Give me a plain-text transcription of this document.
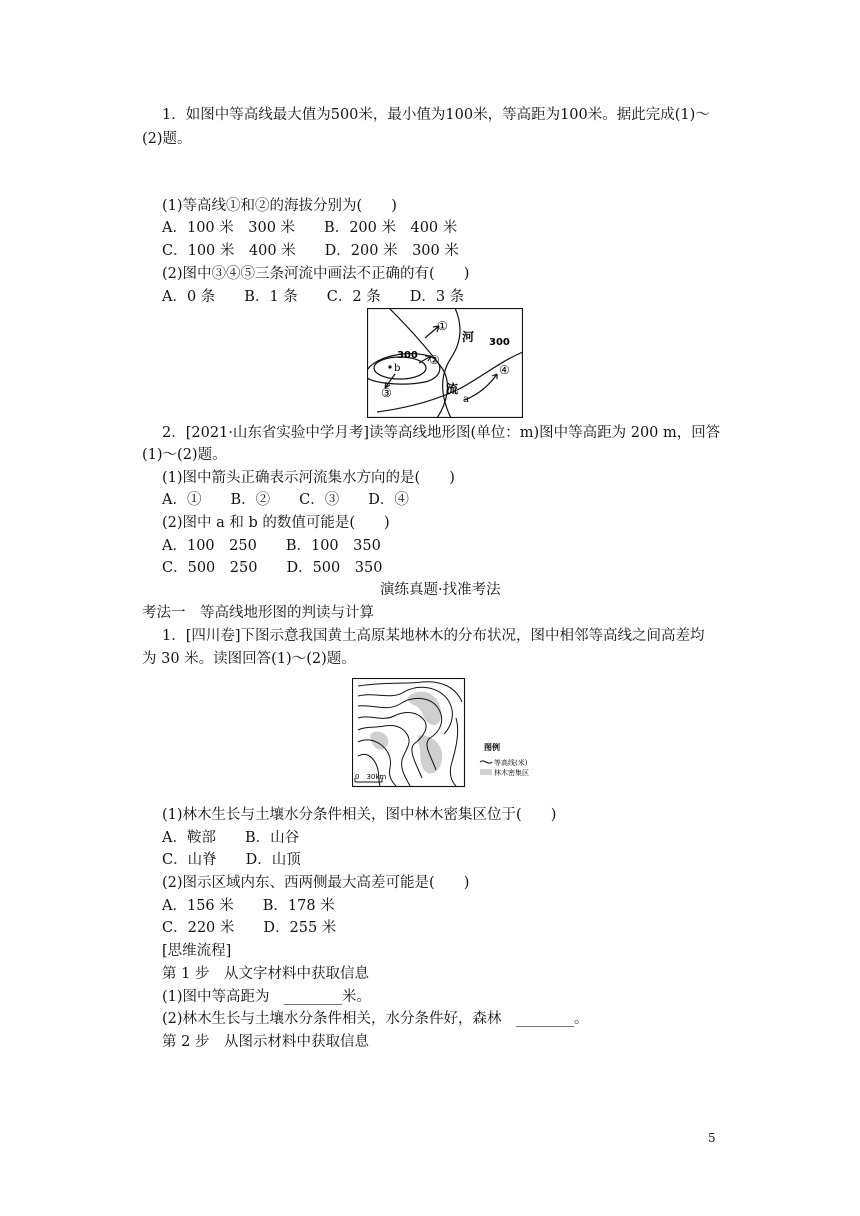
1．如图中等高线最大值为500米，最小值为100米，等高距为100米。据此完成(1)～
(2)题。
(1)等高线①和②的海拔分别为(　　)
A．100 米　300 米　　B．200 米　400 米
C．100 米　400 米　　D．200 米　300 米
(2)图中③④⑤三条河流中画法不正确的有(　　)
A．0 条　　B．1 条　　C．2 条　　D．3 条
①
河 300
300 ②
b	④
流
③	a
2．[2021·山东省实验中学月考]读等高线地形图(单位：m)图中等高距为 200 m，回答
(1)～(2)题。
(1)图中箭头正确表示河流集水方向的是(　　)
A．①　　B．②　　C．③　　D．④
(2)图中 a 和 b 的数值可能是(　　)
A．100　250　　B．100　350
C．500　250　　D．500　350
演练真题·找准考法
考法一　等高线地形图的判读与计算
1．[四川卷]下图示意我国黄土高原某地林木的分布状况，图中相邻等高线之间高差均
为 30 米。读图回答(1)～(2)题。
0　30km
图例
等高线(米)
林木密集区
(1)林木生长与土壤水分条件相关，图中林木密集区位于(　　)
A．鞍部　　B．山谷
C．山脊　　D．山顶
(2)图示区域内东、西两侧最大高差可能是(　　)
A．156 米　　B．178 米
C．220 米　　D．255 米
[思维流程]
第 1 步　从文字材料中获取信息
(1)图中等高距为　________米。
(2)林木生长与土壤水分条件相关，水分条件好，森林　________。
第 2 步　从图示材料中获取信息
5
